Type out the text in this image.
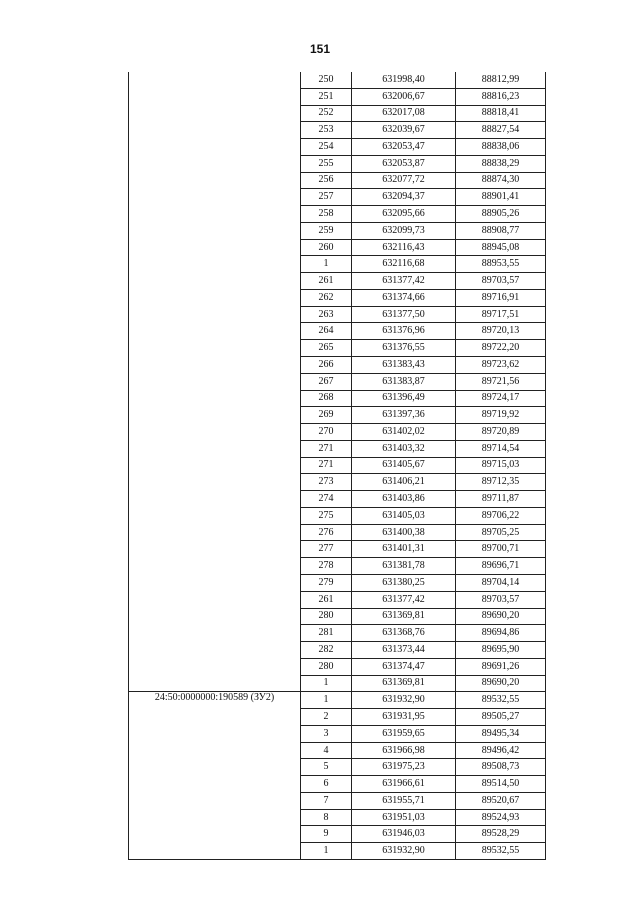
151
	250	631998,40	88812,99
	251	632006,67	88816,23
	252	632017,08	88818,41
	253	632039,67	88827,54
	254	632053,47	88838,06
	255	632053,87	88838,29
	256	632077,72	88874,30
	257	632094,37	88901,41
	258	632095,66	88905,26
	259	632099,73	88908,77
	260	632116,43	88945,08
	1	632116,68	88953,55
	261	631377,42	89703,57
	262	631374,66	89716,91
	263	631377,50	89717,51
	264	631376,96	89720,13
	265	631376,55	89722,20
	266	631383,43	89723,62
	267	631383,87	89721,56
	268	631396,49	89724,17
	269	631397,36	89719,92
	270	631402,02	89720,89
	271	631403,32	89714,54
	271	631405,67	89715,03
	273	631406,21	89712,35
	274	631403,86	89711,87
	275	631405,03	89706,22
	276	631400,38	89705,25
	277	631401,31	89700,71
	278	631381,78	89696,71
	279	631380,25	89704,14
	261	631377,42	89703,57
	280	631369,81	89690,20
	281	631368,76	89694,86
	282	631373,44	89695,90
	280	631374,47	89691,26
	1	631369,81	89690,20
24:50:0000000:190589 (ЗУ2)	1	631932,90	89532,55
	2	631931,95	89505,27
	3	631959,65	89495,34
	4	631966,98	89496,42
	5	631975,23	89508,73
	6	631966,61	89514,50
	7	631955,71	89520,67
	8	631951,03	89524,93
	9	631946,03	89528,29
	1	631932,90	89532,55
